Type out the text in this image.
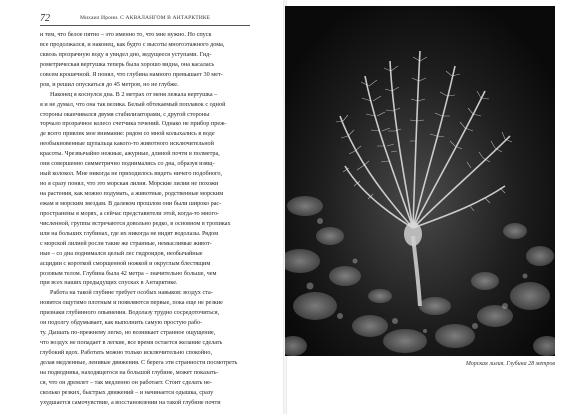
72	Михаил Ирони. С АКВАЛАНГОМ В АНТАРКТИКЕ
и тем, что белое пятно – это именно то, что мне нужно. Но спуск
все продолжался, и наконец, как будто с высоты многоэтажного дома,
сквозь прозрачную воду я увидел дно, ведущееся уступами. Гид-
рометрическая вертушка теперь была хорошо видна, она касалась
совсем крошечной. Я понял, что глубина намного превышает 30 мет-
ров, и решил опускаться до 45 метров, но не глубже.
Наконец я коснулся дна. В 2 метрах от меня лежала вертушка –
я и не думал, что она так велика. Белый обтекаемый поплавок с одной
стороны оканчивался двумя стабилизаторами, с другой стороны
торчало прозрачное колесо счетчика течений. Однако не прибор преж-
де всего привлек мое внимание: рядом со мной колыхались в воде
необыкновенные щупальца какого-то животного исключительной
красоты. Чрезвычайно нежные, ажурные, длиной почти в полметра,
они совершенно симметрично поднимались со дна, образуя изящ-
ный колокол. Мне никогда не приходилось видеть ничего подобного,
но я сразу понял, что это морская лилия. Морские лилии не похожи
на растения, как можно подумать, а животные, родственные морским
ежам и морским звездам. В далеком прошлом они были широко рас-
пространены в морях, а сейчас представители этой, когда-то много-
численной, группы встречаются довольно редко, в основном в тропиках
или на больших глубинах, где их никогда не видят водолазы. Рядом
с морской лилией росли такие же странные, немыслимые живот-
ные – со дна поднимался целый лес гидроидов, необычайные
асцидии с короткой сморщенной ножкой и округлым блестящим
розовым телом. Глубина была 42 метра – значительно больше, чем
при всех наших предыдущих спусках в Антарктике.
Работа на такой глубине требует особых навыков: воздух ста-
новится ощутимо плотным и появляются первые, пока еще не резкие
признаки глубинного опьянения. Водолазу трудно сосредоточиться,
он подолгу обдумывает, как выполнить самую простую рабо-
ту. Дышать по-прежнему легко, но возникает странное ощущение,
что воздух не попадает в легкие, все время остается желание сделать
глубокий вдох. Работать можно только исключительно спокойно,
делая медленные, ленивые движения. С берега эти странности посмотреть
на подводника, находящегося на большой глубине, может показать-
ся, что он дремлет – так медленно он работает. Стоит сделать не-
сколько резких, быстрых движений – и начинается одышка, сразу
ухудшается самочувствие, а восстановлении на такой глубине почти
Морская лилия. Глубина 28 метров
